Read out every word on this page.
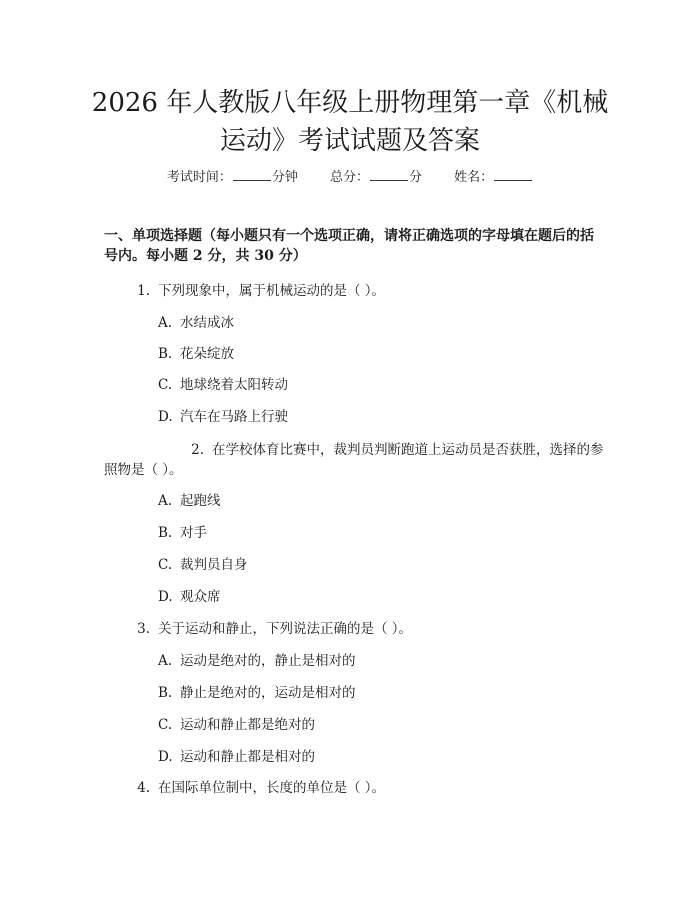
2026 年人教版八年级上册物理第一章《机械
运动》考试试题及答案
考试时间：	分钟 总分：	分 姓名：
一、单项选择题（每小题只有一个选项正确，请将正确选项的字母填在题后的括号内。每小题 2 分，共 30 分）
1. 下列现象中，属于机械运动的是（ ）。
A. 水结成冰
B. 花朵绽放
C. 地球绕着太阳转动
D. 汽车在马路上行驶
2. 在学校体育比赛中，裁判员判断跑道上运动员是否获胜，选择的参照物是（ ）。
A. 起跑线
B. 对手
C. 裁判员自身
D. 观众席
3. 关于运动和静止，下列说法正确的是（ ）。
A. 运动是绝对的，静止是相对的
B. 静止是绝对的，运动是相对的
C. 运动和静止都是绝对的
D. 运动和静止都是相对的
4. 在国际单位制中，长度的单位是（ ）。
